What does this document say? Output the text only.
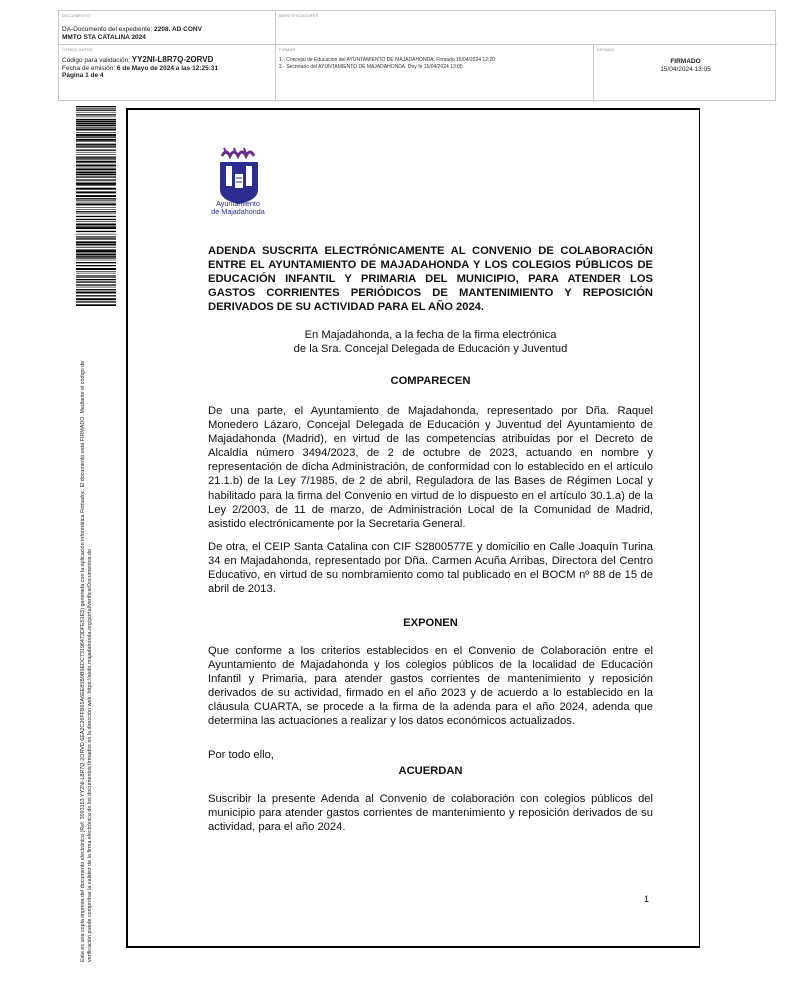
DOCUMENTO
DA-Documento del expediente: 2208. AD CONV
MMTO STA CATALINA 2024
IDENTIFICADORES
OTROS DATOS
Código para validación: YY2NI-L8R7Q-2ORVD
Fecha de emisión: 6 de Mayo de 2024 a las 12:25:31
Página 1 de 4
FIRMAS
1.- Concejal de Educacion del AYUNTAMIENTO DE MAJADAHONDA. Firmado 15/04/2024 12:20
2.- Secretario del AYUNTAMIENTO DE MAJADAHONDA. Doy fe 15/04/2024 13:05
ESTADO
FIRMADO
15/04/2024 13:05
Esta es una copia impresa del documento electrónico (Ref: 3093153 YY2NI-L8R7Q-2ORVD 6EA2C26FFB65A6EE85B9B9EDC73196473DFE51E5) generada con la aplicación informática Firmadoc. El documento está FIRMADO. Mediante el código de verificación puede comprobar la validez de la firma electrónica de los documentos firmados en la dirección web: https://sede.majadahonda.org/portal/verificarDocumentos.do
Ayuntamiento
de Majadahonda
ADENDA SUSCRITA ELECTRÓNICAMENTE AL CONVENIO DE COLABORACIÓN ENTRE EL AYUNTAMIENTO DE MAJADAHONDA Y LOS COLEGIOS PÚBLICOS DE EDUCACIÓN INFANTIL Y PRIMARIA DEL MUNICIPIO, PARA ATENDER LOS GASTOS CORRIENTES PERIÓDICOS DE MANTENIMIENTO Y REPOSICIÓN DERIVADOS DE SU ACTIVIDAD PARA EL AÑO 2024.
En Majadahonda, a la fecha de la firma electrónica
de la Sra. Concejal Delegada de Educación y Juventud
COMPARECEN
De una parte, el Ayuntamiento de Majadahonda, representado por Dña. Raquel Monedero Lázaro, Concejal Delegada de Educación y Juventud del Ayuntamiento de Majadahonda (Madrid), en virtud de las competencias atribuidas por el Decreto de Alcaldía número 3494/2023, de 2 de octubre de 2023, actuando en nombre y representación de dicha Administración, de conformidad con lo establecido en el artículo 21.1.b) de la Ley 7/1985, de 2 de abril, Reguladora de las Bases de Régimen Local y habilitado para la firma del Convenio en virtud de lo dispuesto en el artículo 30.1.a) de la Ley 2/2003, de 11 de marzo, de Administración Local de la Comunidad de Madrid, asistido electrónicamente por la Secretaria General.
De otra, el CEIP Santa Catalina con CIF S2800577E y domicilio en Calle Joaquín Turina 34 en Majadahonda, representado por Dña. Carmen Acuña Arribas, Directora del Centro Educativo, en virtud de su nombramiento como tal publicado en el BOCM nº 88 de 15 de abril de 2013.
EXPONEN
Que conforme a los criterios establecidos en el Convenio de Colaboración entre el Ayuntamiento de Majadahonda y los colegios públicos de la localidad de Educación Infantil y Primaria, para atender gastos corrientes de mantenimiento y reposición derivados de su actividad, firmado en el año 2023 y de acuerdo a lo establecido en la cláusula CUARTA, se procede a la firma de la adenda para el año 2024, adenda que determina las actuaciones a realizar y los datos económicos actualizados.
Por todo ello,
ACUERDAN
Suscribir la presente Adenda al Convenio de colaboración con colegios públicos del municipio para atender gastos corrientes de mantenimiento y reposición derivados de su actividad, para el año 2024.
1
